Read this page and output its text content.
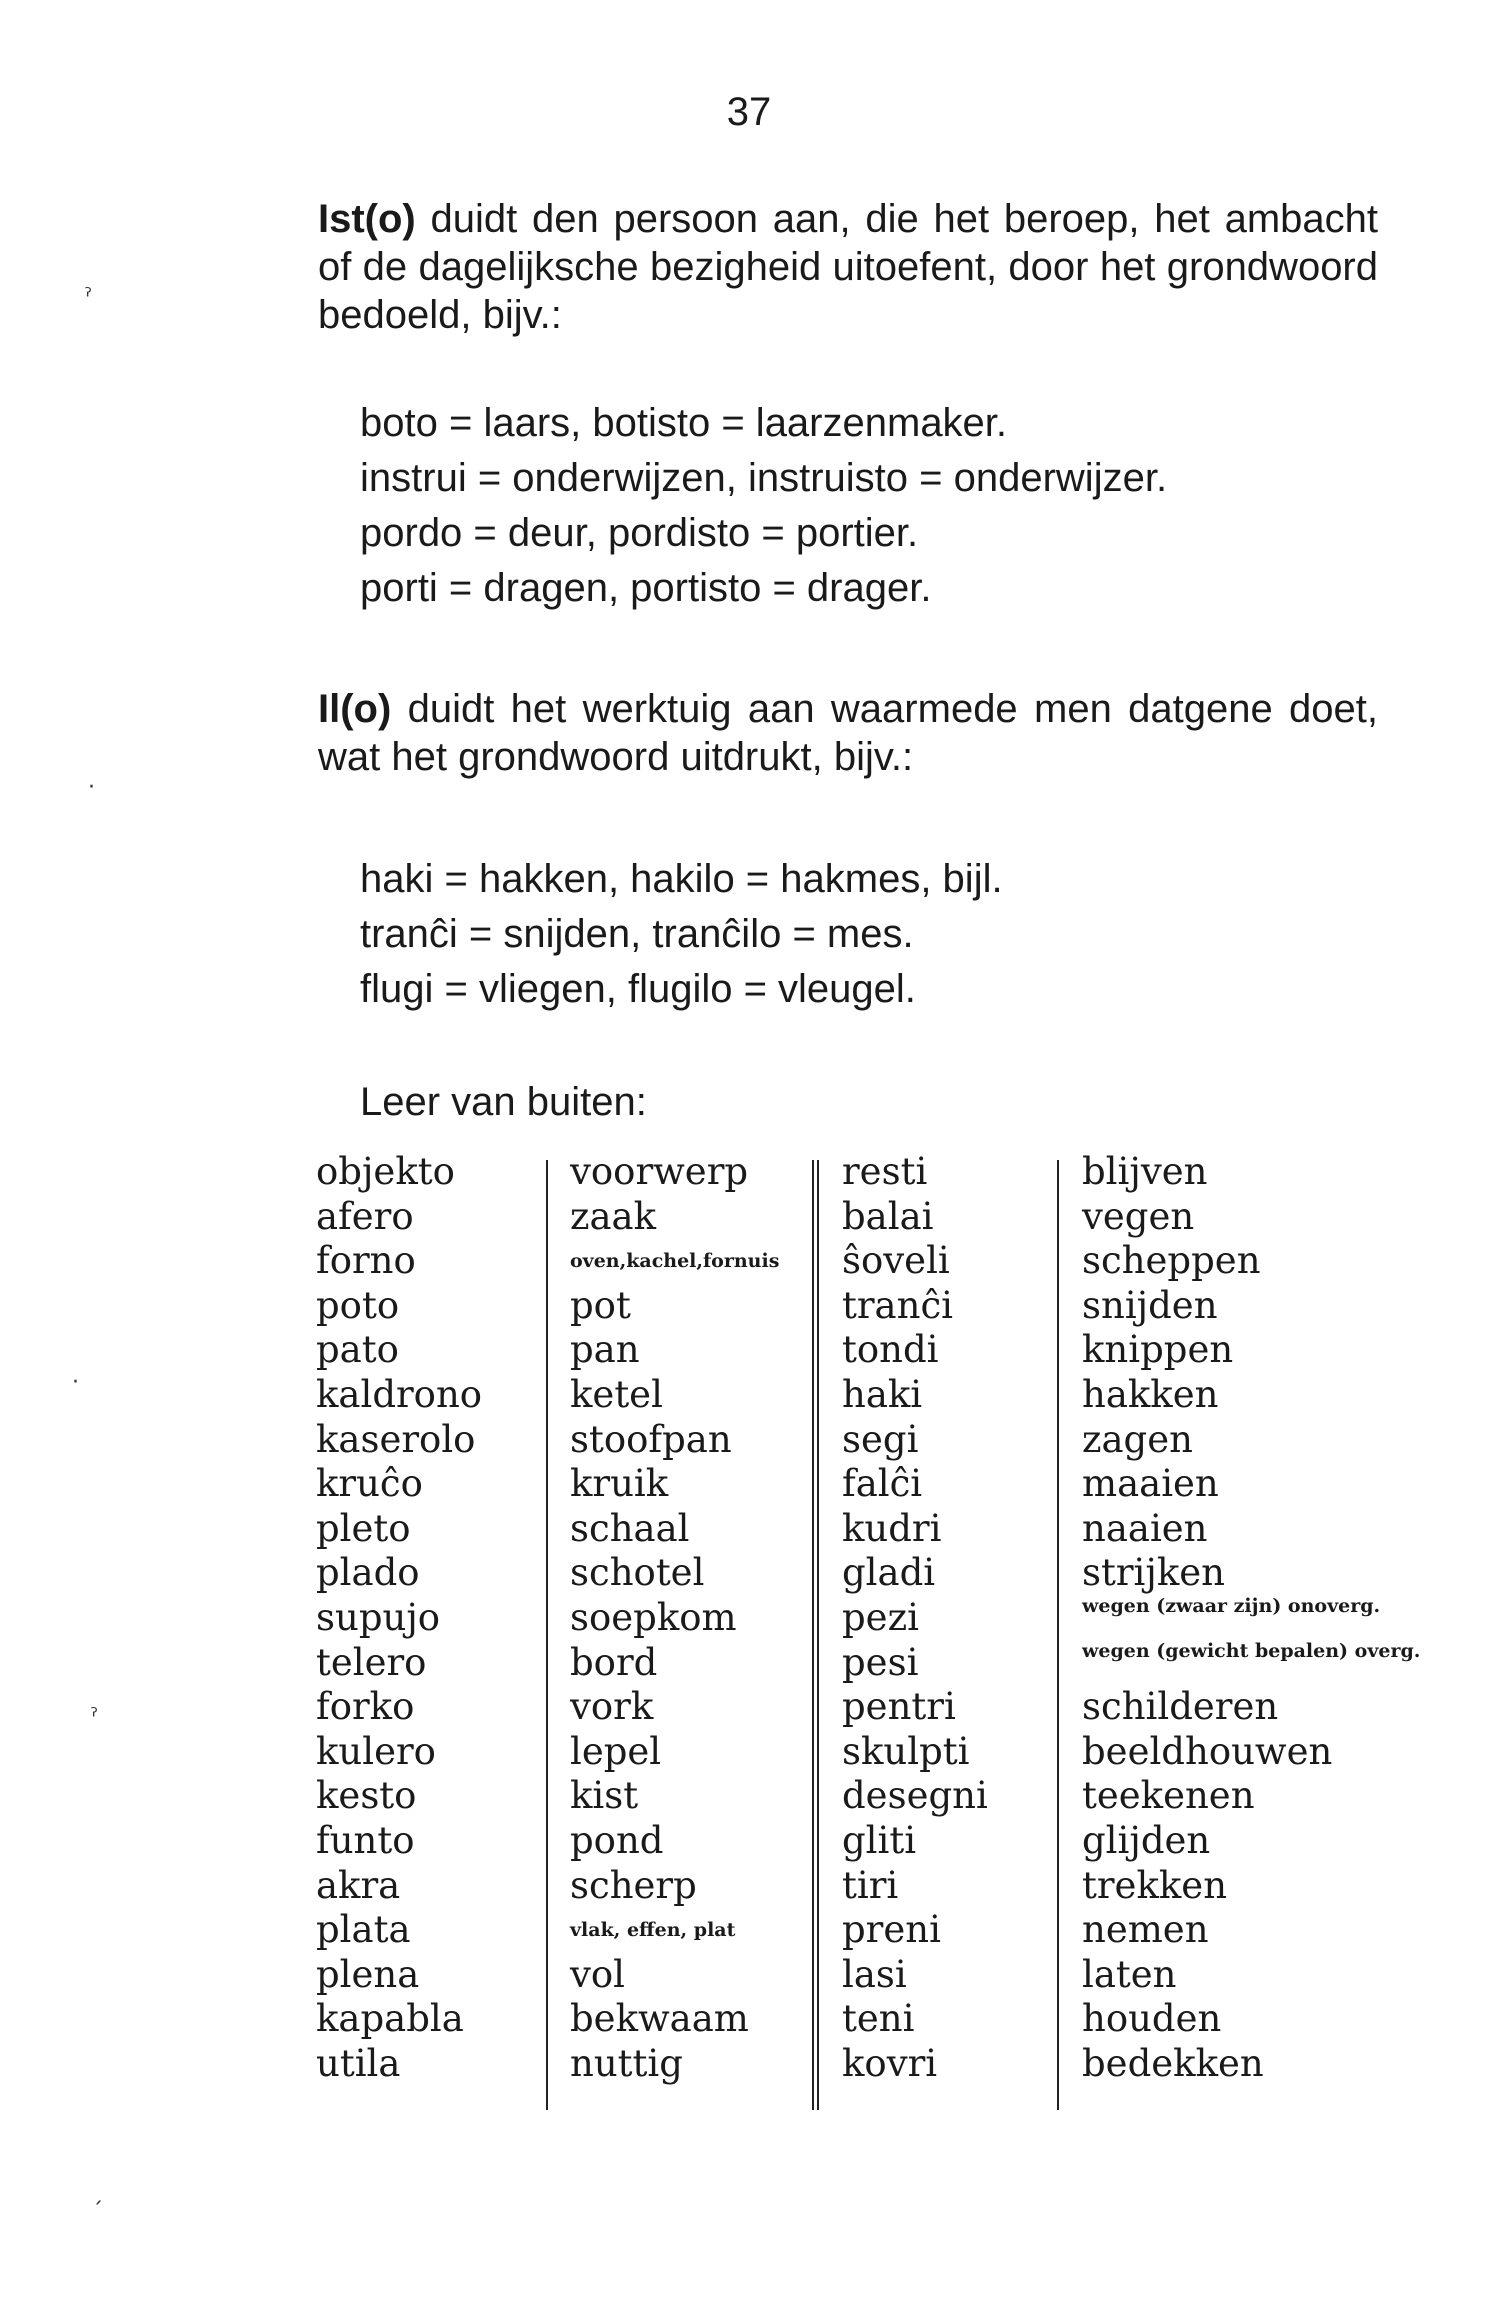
37
Ist(o) duidt den persoon aan, die het beroep, het ambacht of de dagelijksche bezigheid uitoefent, door het grondwoord bedoeld, bijv.:
boto = laars, botisto = laarzenmaker.
instrui = onderwijzen, instruisto = onderwijzer.
pordo = deur, pordisto = portier.
porti = dragen, portisto = drager.
Il(o) duidt het werktuig aan waarmede men datgene doet, wat het grondwoord uitdrukt, bijv.:
haki = hakken, hakilo = hakmes, bijl.
tranĉi = snijden, tranĉilo = mes.
flugi = vliegen, flugilo = vleugel.
Leer van buiten:
objekto
afero
forno
poto
pato
kaldrono
kaserolo
kruĉo
pleto
plado
supujo
telero
forko
kulero
kesto
funto
akra
plata
plena
kapabla
utila
voorwerp
zaak
oven,kachel,fornuis
pot
pan
ketel
stoofpan
kruik
schaal
schotel
soepkom
bord
vork
lepel
kist
pond
scherp
vlak, effen, plat
vol
bekwaam
nuttig
resti
balai
ŝoveli
tranĉi
tondi
haki
segi
falĉi
kudri
gladi
pezi
pesi
pentri
skulpti
desegni
gliti
tiri
preni
lasi
teni
kovri
blijven
vegen
scheppen
snijden
knippen
hakken
zagen
maaien
naaien
strijken
wegen (zwaar zijn) onoverg.
wegen (gewicht bepalen) overg.
schilderen
beeldhouwen
teekenen
glijden
trekken
nemen
laten
houden
bedekken
ˀ
·
·
ˀ
ˏ
